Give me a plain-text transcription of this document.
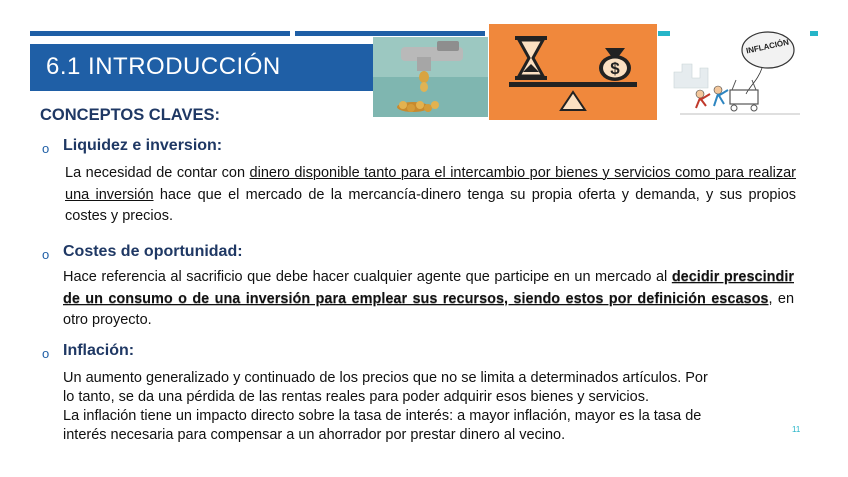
6.1 INTRODUCCIÓN	$
INFLACIÓN
CONCEPTOS CLAVES:
o Liquidez e inversion:
La necesidad de contar con dinero disponible tanto para el intercambio por bienes y servicios como para realizar una inversión hace que el mercado de la mercancía-dinero tenga su propia oferta y demanda, y sus propios costes y precios.
o Costes de oportunidad:
Hace referencia al sacrificio que debe hacer cualquier agente que participe en un mercado al decidir prescindir de un consumo o de una inversión para emplear sus recursos, siendo estos por definición escasos, en otro proyecto.
o Inflación:
Un aumento generalizado y continuado de los precios que no se limita a determinados artículos. Por
lo tanto, se da una pérdida de las rentas reales para poder adquirir esos bienes y servicios.
La inflación tiene un impacto directo sobre la tasa de interés: a mayor inflación, mayor es la tasa de
interés necesaria para compensar a un ahorrador por prestar dinero al vecino.	11
